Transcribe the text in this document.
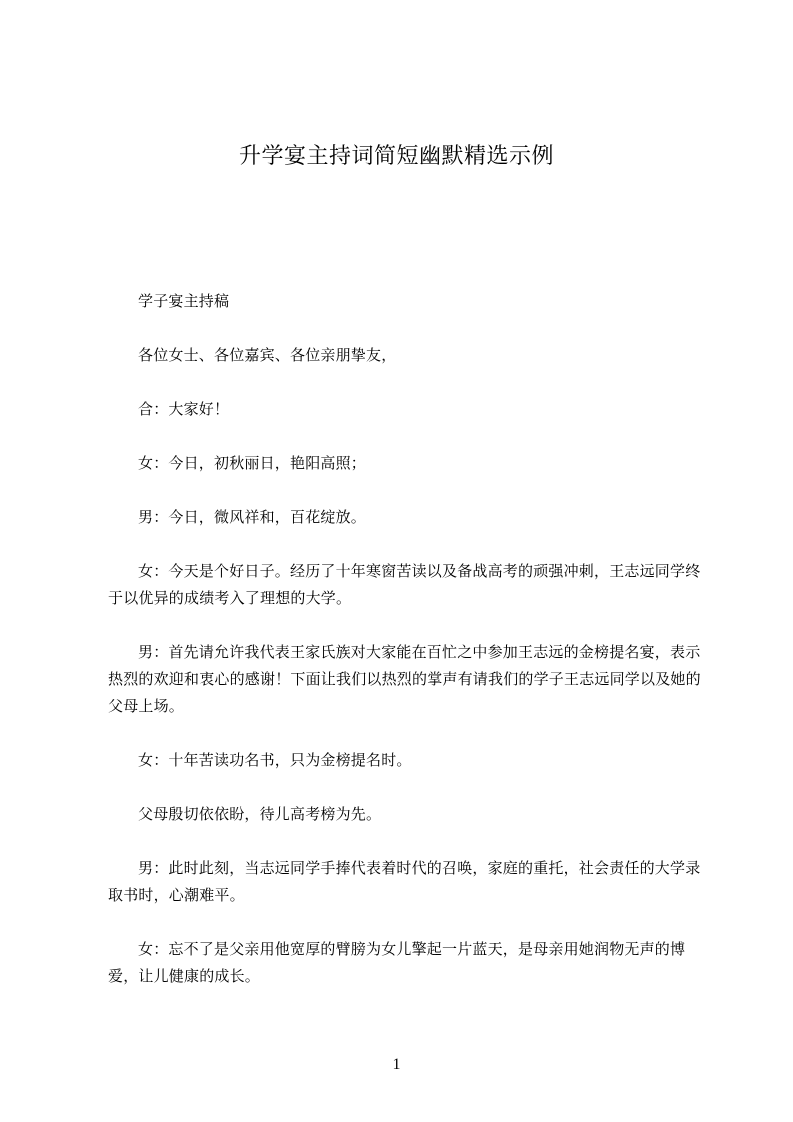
升学宴主持词简短幽默精选示例

学子宴主持稿

各位女士、各位嘉宾、各位亲朋挚友，

合：大家好！

女：今日，初秋丽日，艳阳高照；

男：今日，微风祥和，百花绽放。

女：今天是个好日子。经历了十年寒窗苦读以及备战高考的顽强冲刺，王志远同学终于以优异的成绩考入了理想的大学。

男：首先请允许我代表王家氏族对大家能在百忙之中参加王志远的金榜提名宴，表示热烈的欢迎和衷心的感谢！下面让我们以热烈的掌声有请我们的学子王志远同学以及她的父母上场。

女：十年苦读功名书，只为金榜提名时。

父母殷切依依盼，待儿高考榜为先。

男：此时此刻，当志远同学手捧代表着时代的召唤，家庭的重托，社会责任的大学录取书时，心潮难平。

女：忘不了是父亲用他宽厚的臂膀为女儿擎起一片蓝天，是母亲用她润物无声的博爱，让儿健康的成长。

1
